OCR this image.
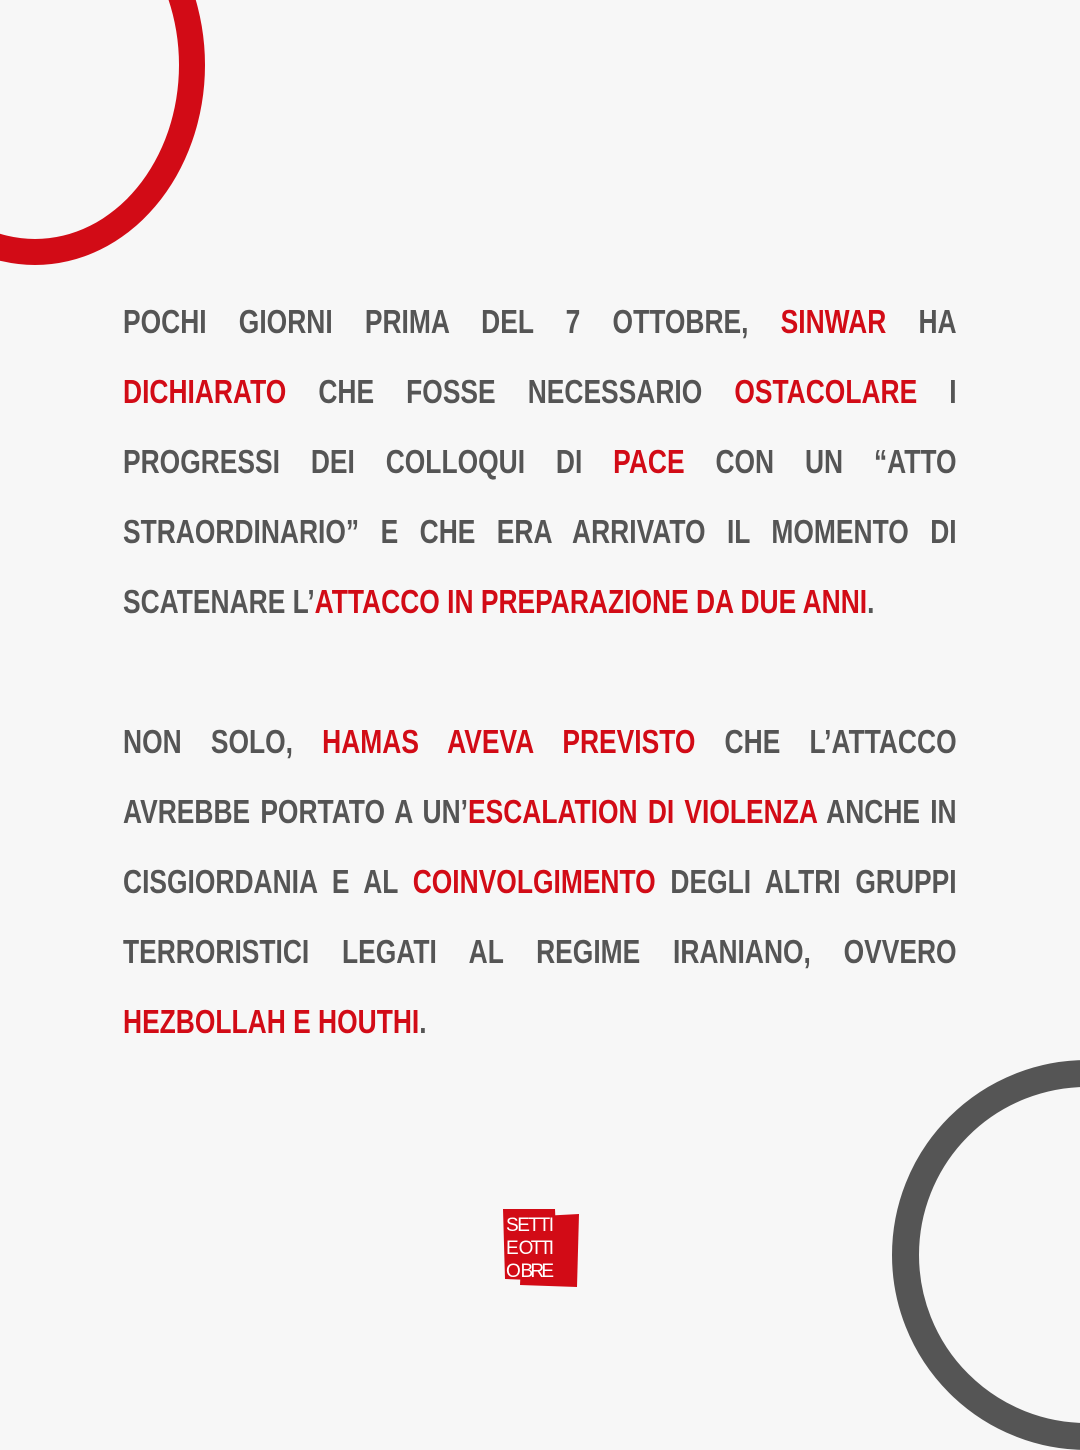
POCHI GIORNI PRIMA DEL 7 OTTOBRE, SINWAR HA
DICHIARATO CHE FOSSE NECESSARIO OSTACOLARE I
PROGRESSI DEI COLLOQUI DI PACE CON UN “ATTO
STRAORDINARIO” E CHE ERA ARRIVATO IL MOMENTO DI
SCATENARE L’ATTACCO IN PREPARAZIONE DA DUE ANNI.
NON SOLO, HAMAS AVEVA PREVISTO CHE L’ATTACCO
AVREBBE PORTATO A UN’ESCALATION DI VIOLENZA ANCHE IN
CISGIORDANIA E AL COINVOLGIMENTO DEGLI ALTRI GRUPPI
TERRORISTICI LEGATI AL REGIME IRANIANO, OVVERO
HEZBOLLAH E HOUTHI.
SETTI
E OTTI
O BRE
